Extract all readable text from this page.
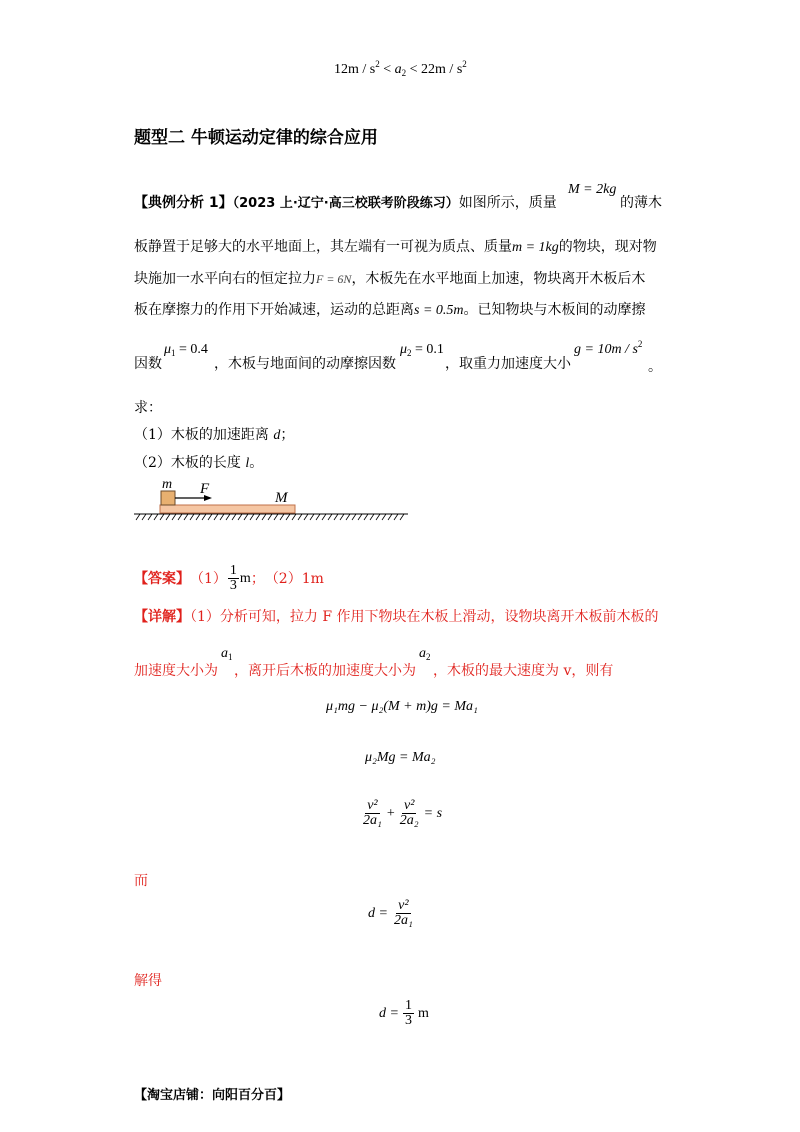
$12m / s^2 < a_2 < 22m / s^2$
题型二 牛顿运动定律的综合应用
【典例分析 1】（2023 上·辽宁·高三校联考阶段练习）如图所示，质量
M = 2kg
的薄木
板静置于足够大的水平地面上，其左端有一可视为质点、质量m = 1kg的物块，现对物
块施加一水平向右的恒定拉力F = 6N，木板先在水平地面上加速，物块离开木板后木
板在摩擦力的作用下开始减速，运动的总距离s = 0.5m。已知物块与木板间的动摩擦
因数
$\mu_1 = 0.4$
，木板与地面间的动摩擦因数
$\mu_2 = 0.1$
，取重力加速度大小
$g = 10m / s^2$
。
求：
（1）木板的加速距离 d；
（2）木板的长度 l。
m F
M
【答案】 $(1) \frac{1}{3}$ m ； （2）1m
【详解】（1）分析可知，拉力 F 作用下物块在木板上滑动，设物块离开木板前木板的
加速度大小为
$a_1$
，离开后木板的加速度大小为
$a_2$
，木板的最大速度为 v，则有
μ₁mg − μ₂(M + m)g = Ma₁
μ₂Mg = Ma₂
$\frac{\text{v²}}{\text{2a₁}} + \frac{\text{v²}}{\text{2a₂}} = s$
而
$d = \frac{\text{v²}}{\text{2a₁}}$
解得
$d = \frac{1}{3}$ m
【淘宝店铺：向阳百分百】
